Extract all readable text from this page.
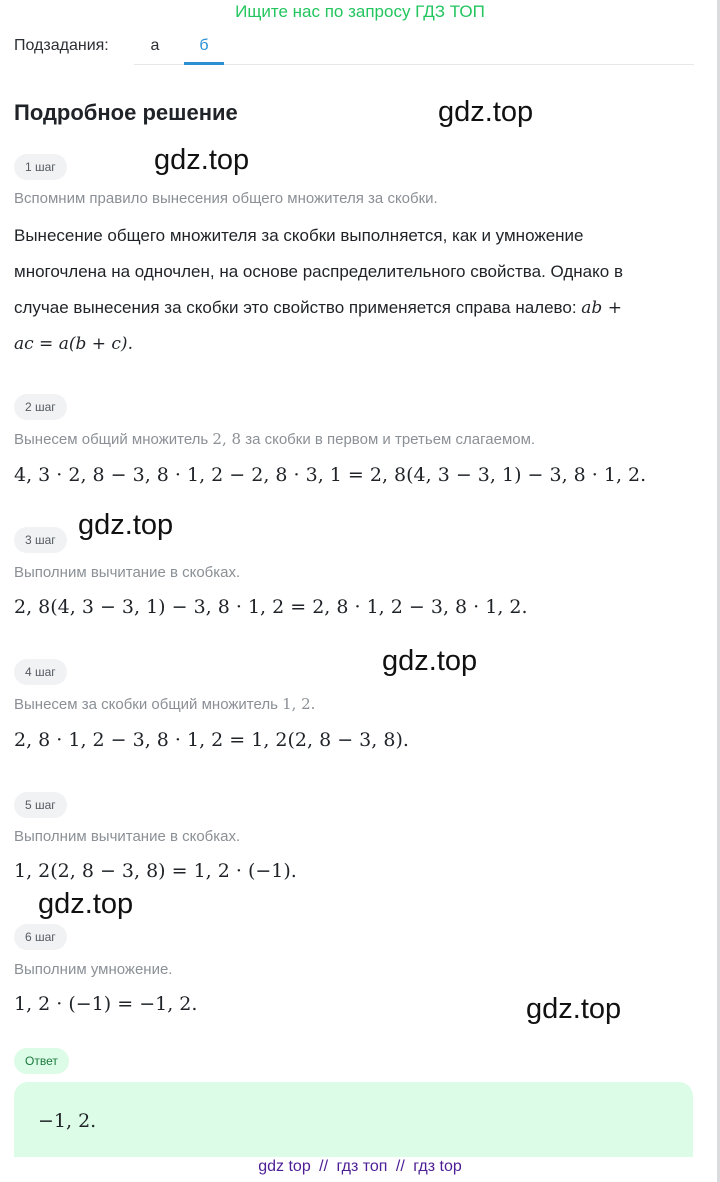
Ищите нас по запросу ГДЗ ТОП
Подзадания:	а	б
Подробное решение	gdz.top
gdz.top
gdz.top
gdz.top
gdz.top
gdz.top
1 шаг
Вспомним правило вынесения общего множителя за скобки.
Вынесение общего множителя за скобки выполняется, как и умножение
многочлена на одночлен, на основе распределительного свойства. Однако в
случае вынесения за скобки это свойство применяется справа налево: ab +
ac = a(b + c).
2 шаг
Вынесем общий множитель 2, 8 за скобки в первом и третьем слагаемом.
4, 3 · 2, 8 − 3, 8 · 1, 2 − 2, 8 · 3, 1 = 2, 8(4, 3 − 3, 1) − 3, 8 · 1, 2.
3 шаг
Выполним вычитание в скобках.
2, 8(4, 3 − 3, 1) − 3, 8 · 1, 2 = 2, 8 · 1, 2 − 3, 8 · 1, 2.
4 шаг
Вынесем за скобки общий множитель 1, 2.
2, 8 · 1, 2 − 3, 8 · 1, 2 = 1, 2(2, 8 − 3, 8).
5 шаг
Выполним вычитание в скобках.
1, 2(2, 8 − 3, 8) = 1, 2 · (−1).
6 шаг
Выполним умножение.
1, 2 · (−1) = −1, 2.
Ответ
−1, 2.
gdz top // гдз топ // гдз top
